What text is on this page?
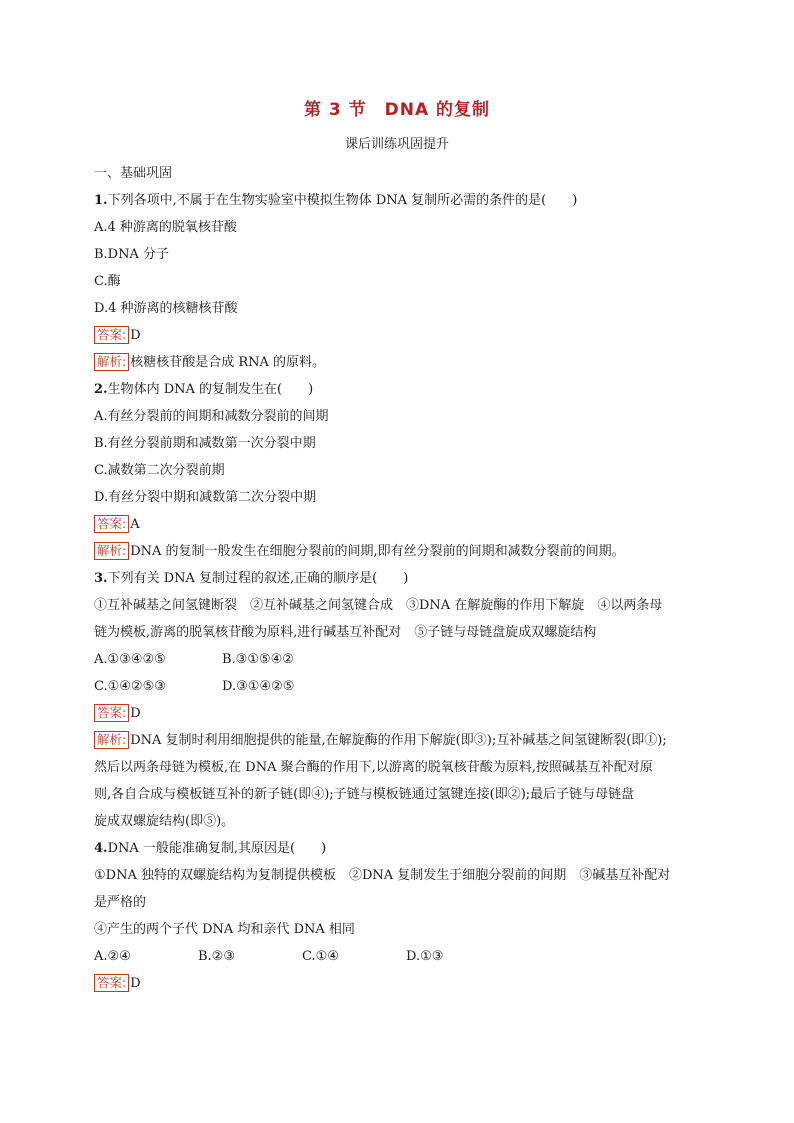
第 3 节　DNA 的复制
课后训练巩固提升
一、基础巩固
1.下列各项中,不属于在生物实验室中模拟生物体 DNA 复制所必需的条件的是(　　)
A.4 种游离的脱氧核苷酸
B.DNA 分子
C.酶
D.4 种游离的核糖核苷酸
答案: D
解析: 核糖核苷酸是合成 RNA 的原料。
2.生物体内 DNA 的复制发生在(　　)
A.有丝分裂前的间期和减数分裂前的间期
B.有丝分裂前期和减数第一次分裂中期
C.减数第二次分裂前期
D.有丝分裂中期和减数第二次分裂中期
答案: A
解析: DNA 的复制一般发生在细胞分裂前的间期,即有丝分裂前的间期和减数分裂前的间期。
3.下列有关 DNA 复制过程的叙述,正确的顺序是(　　)
①互补碱基之间氢键断裂　②互补碱基之间氢键合成　③DNA 在解旋酶的作用下解旋　④以两条母
链为模板,游离的脱氧核苷酸为原料,进行碱基互补配对　⑤子链与母链盘旋成双螺旋结构
A.①③④②⑤	B.③①⑤④②
C.①④②⑤③	D.③①④②⑤
答案: D
解析: DNA 复制时利用细胞提供的能量,在解旋酶的作用下解旋(即③);互补碱基之间氢键断裂(即①);
然后以两条母链为模板,在 DNA 聚合酶的作用下,以游离的脱氧核苷酸为原料,按照碱基互补配对原
则,各自合成与模板链互补的新子链(即④);子链与模板链通过氢键连接(即②);最后子链与母链盘
旋成双螺旋结构(即⑤)。
4.DNA 一般能准确复制,其原因是(　　)
①DNA 独特的双螺旋结构为复制提供模板　②DNA 复制发生于细胞分裂前的间期　③碱基互补配对
是严格的
④产生的两个子代 DNA 均和亲代 DNA 相同
A.②④	B.②③	C.①④	D.①③
答案: D
